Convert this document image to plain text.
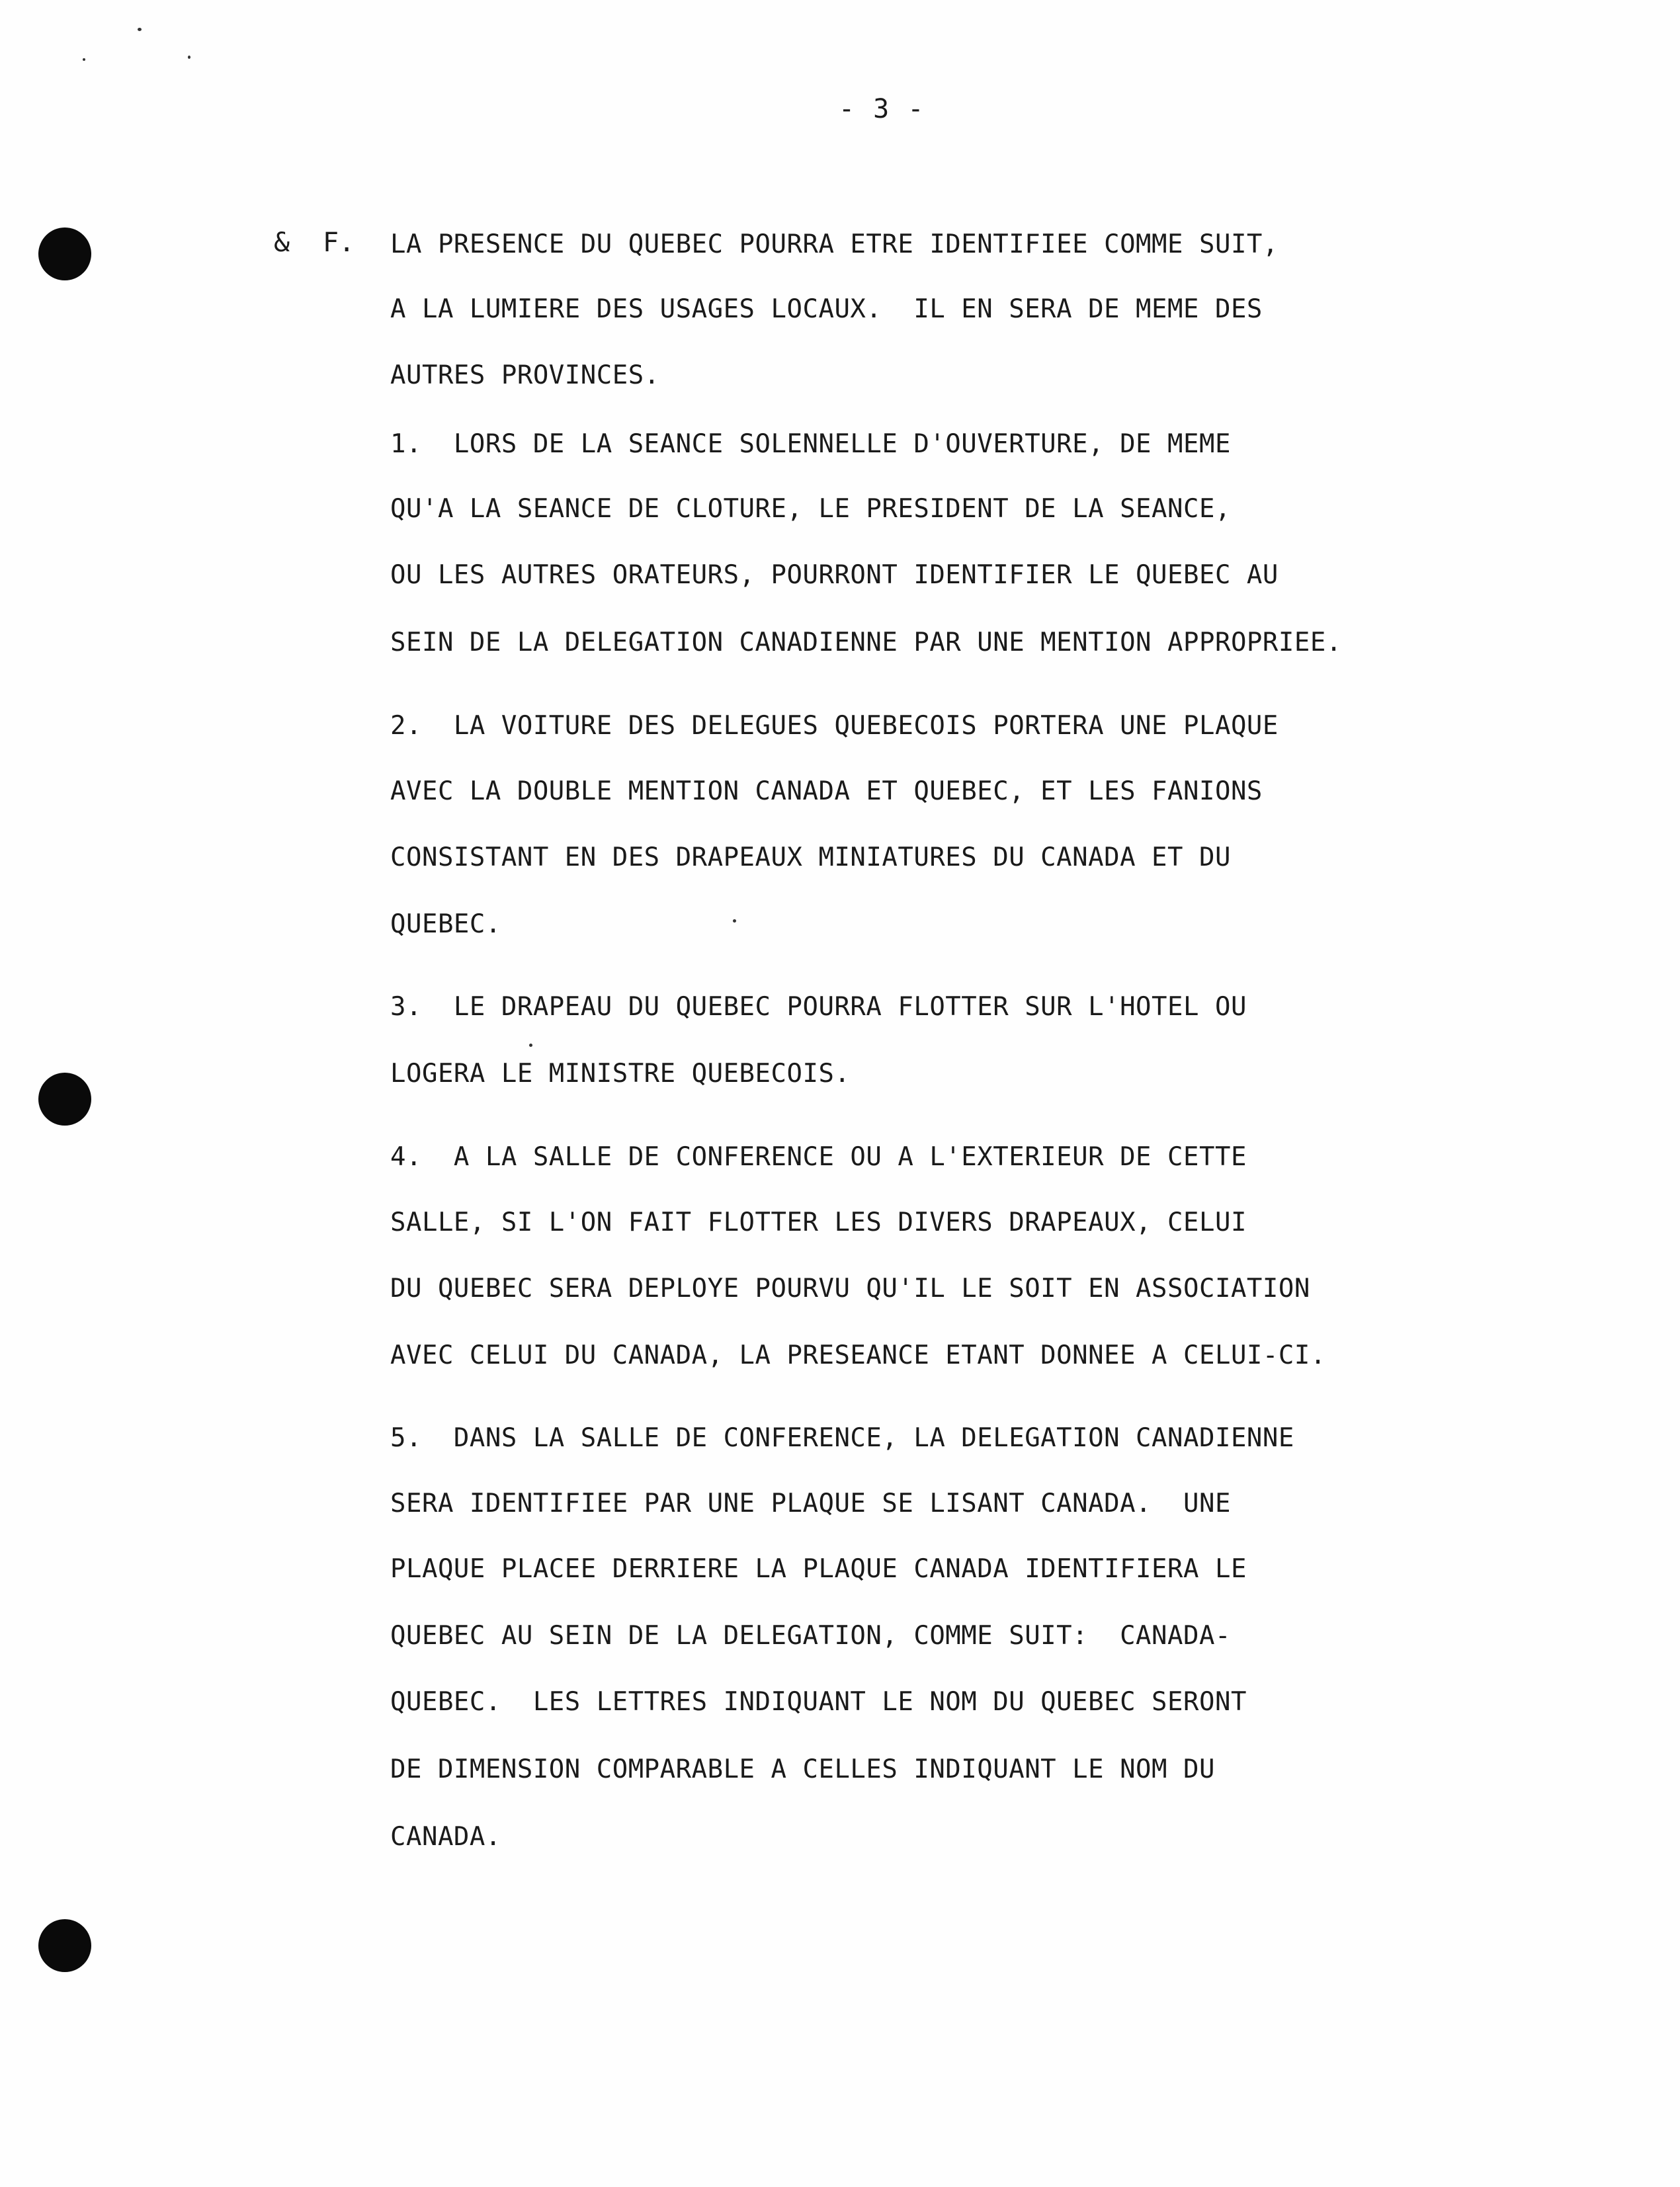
- 3 -
& F. LA PRESENCE DU QUEBEC POURRA ETRE IDENTIFIEE COMME SUIT,
A LA LUMIERE DES USAGES LOCAUX.  IL EN SERA DE MEME DES
AUTRES PROVINCES.
1.  LORS DE LA SEANCE SOLENNELLE D'OUVERTURE, DE MEME
QU'A LA SEANCE DE CLOTURE, LE PRESIDENT DE LA SEANCE,
OU LES AUTRES ORATEURS, POURRONT IDENTIFIER LE QUEBEC AU
SEIN DE LA DELEGATION CANADIENNE PAR UNE MENTION APPROPRIEE.
2.  LA VOITURE DES DELEGUES QUEBECOIS PORTERA UNE PLAQUE
AVEC LA DOUBLE MENTION CANADA ET QUEBEC, ET LES FANIONS
CONSISTANT EN DES DRAPEAUX MINIATURES DU CANADA ET DU
QUEBEC.
3.  LE DRAPEAU DU QUEBEC POURRA FLOTTER SUR L'HOTEL OU
LOGERA LE MINISTRE QUEBECOIS.
4.  A LA SALLE DE CONFERENCE OU A L'EXTERIEUR DE CETTE
SALLE, SI L'ON FAIT FLOTTER LES DIVERS DRAPEAUX, CELUI
DU QUEBEC SERA DEPLOYE POURVU QU'IL LE SOIT EN ASSOCIATION
AVEC CELUI DU CANADA, LA PRESEANCE ETANT DONNEE A CELUI-CI.
5.  DANS LA SALLE DE CONFERENCE, LA DELEGATION CANADIENNE
SERA IDENTIFIEE PAR UNE PLAQUE SE LISANT CANADA.  UNE
PLAQUE PLACEE DERRIERE LA PLAQUE CANADA IDENTIFIERA LE
QUEBEC AU SEIN DE LA DELEGATION, COMME SUIT:  CANADA-
QUEBEC.  LES LETTRES INDIQUANT LE NOM DU QUEBEC SERONT
DE DIMENSION COMPARABLE A CELLES INDIQUANT LE NOM DU
CANADA.
